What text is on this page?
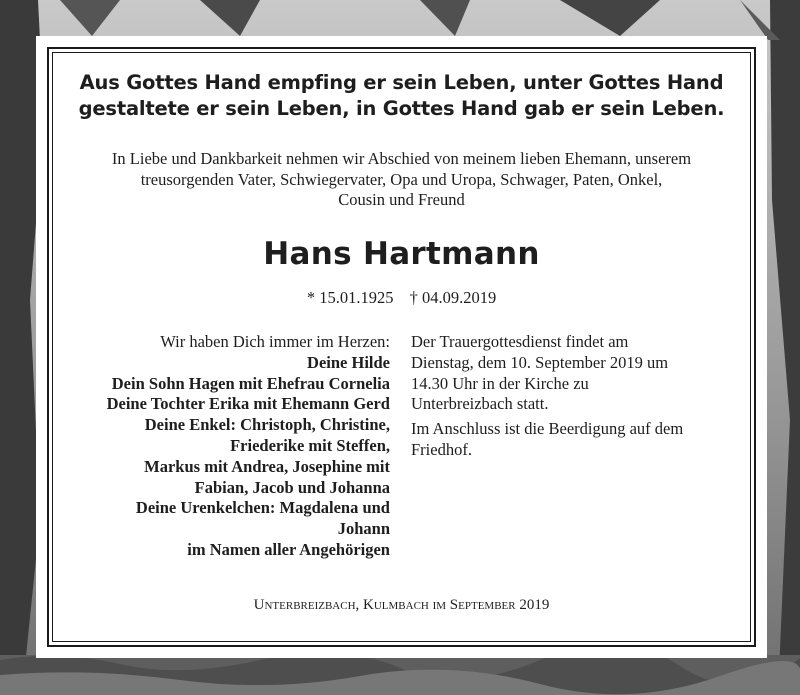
Aus Gottes Hand empfing er sein Leben, unter Gottes Hand
gestaltete er sein Leben, in Gottes Hand gab er sein Leben.
In Liebe und Dankbarkeit nehmen wir Abschied von meinem lieben Ehemann, unserem
treusorgenden Vater, Schwiegervater, Opa und Uropa, Schwager, Paten, Onkel,
Cousin und Freund
Hans Hartmann
* 15.01.1925 † 04.09.2019
Wir haben Dich immer im Herzen:
Deine Hilde
Dein Sohn Hagen mit Ehefrau Cornelia
Deine Tochter Erika mit Ehemann Gerd
Deine Enkel: Christoph, Christine,
Friederike mit Steffen,
Markus mit Andrea, Josephine mit
Fabian, Jacob und Johanna
Deine Urenkelchen: Magdalena und
Johann
im Namen aller Angehörigen
Der Trauergottesdienst findet am
Dienstag, dem 10. September 2019 um
14.30 Uhr in der Kirche zu
Unterbreizbach statt.
Im Anschluss ist die Beerdigung auf dem
Friedhof.
Unterbreizbach, Kulmbach im September 2019
